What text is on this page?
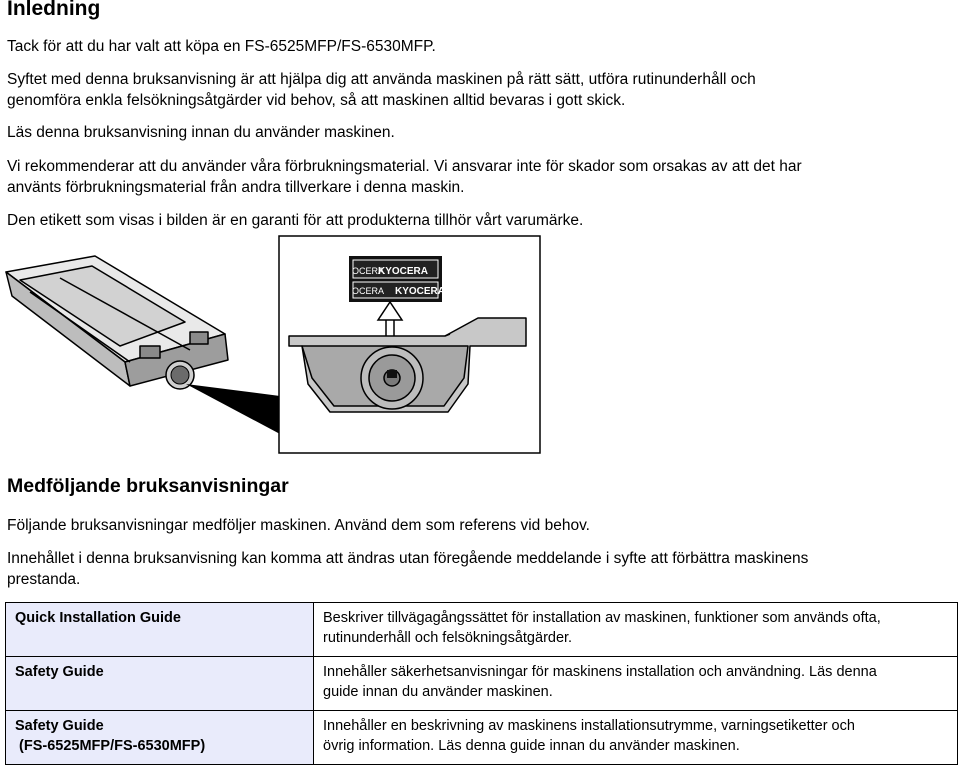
Inledning

Tack för att du har valt att köpa en FS-6525MFP/FS-6530MFP.

Syftet med denna bruksanvisning är att hjälpa dig att använda maskinen på rätt sätt, utföra rutinunderhåll och
genomföra enkla felsökningsåtgärder vid behov, så att maskinen alltid bevaras i gott skick.

Läs denna bruksanvisning innan du använder maskinen.

Vi rekommenderar att du använder våra förbrukningsmaterial. Vi ansvarar inte för skador som orsakas av att det har
använts förbrukningsmaterial från andra tillverkare i denna maskin.

Den etikett som visas i bilden är en garanti för att produkterna tillhör vårt varumärke.

KYOCERA
KYOCERA
OCERA
OCERA
Medföljande bruksanvisningar

Följande bruksanvisningar medföljer maskinen. Använd dem som referens vid behov.

Innehållet i denna bruksanvisning kan komma att ändras utan föregående meddelande i syfte att förbättra maskinens
prestanda.

Quick Installation Guide	Beskriver tillvägagångssättet för installation av maskinen, funktioner som används ofta,
rutinunderhåll och felsökningsåtgärder.
Safety Guide	Innehåller säkerhetsanvisningar för maskinens installation och användning. Läs denna
guide innan du använder maskinen.
Safety Guide
(FS-6525MFP/FS-6530MFP)	Innehåller en beskrivning av maskinens installationsutrymme, varningsetiketter och
övrig information. Läs denna guide innan du använder maskinen.
